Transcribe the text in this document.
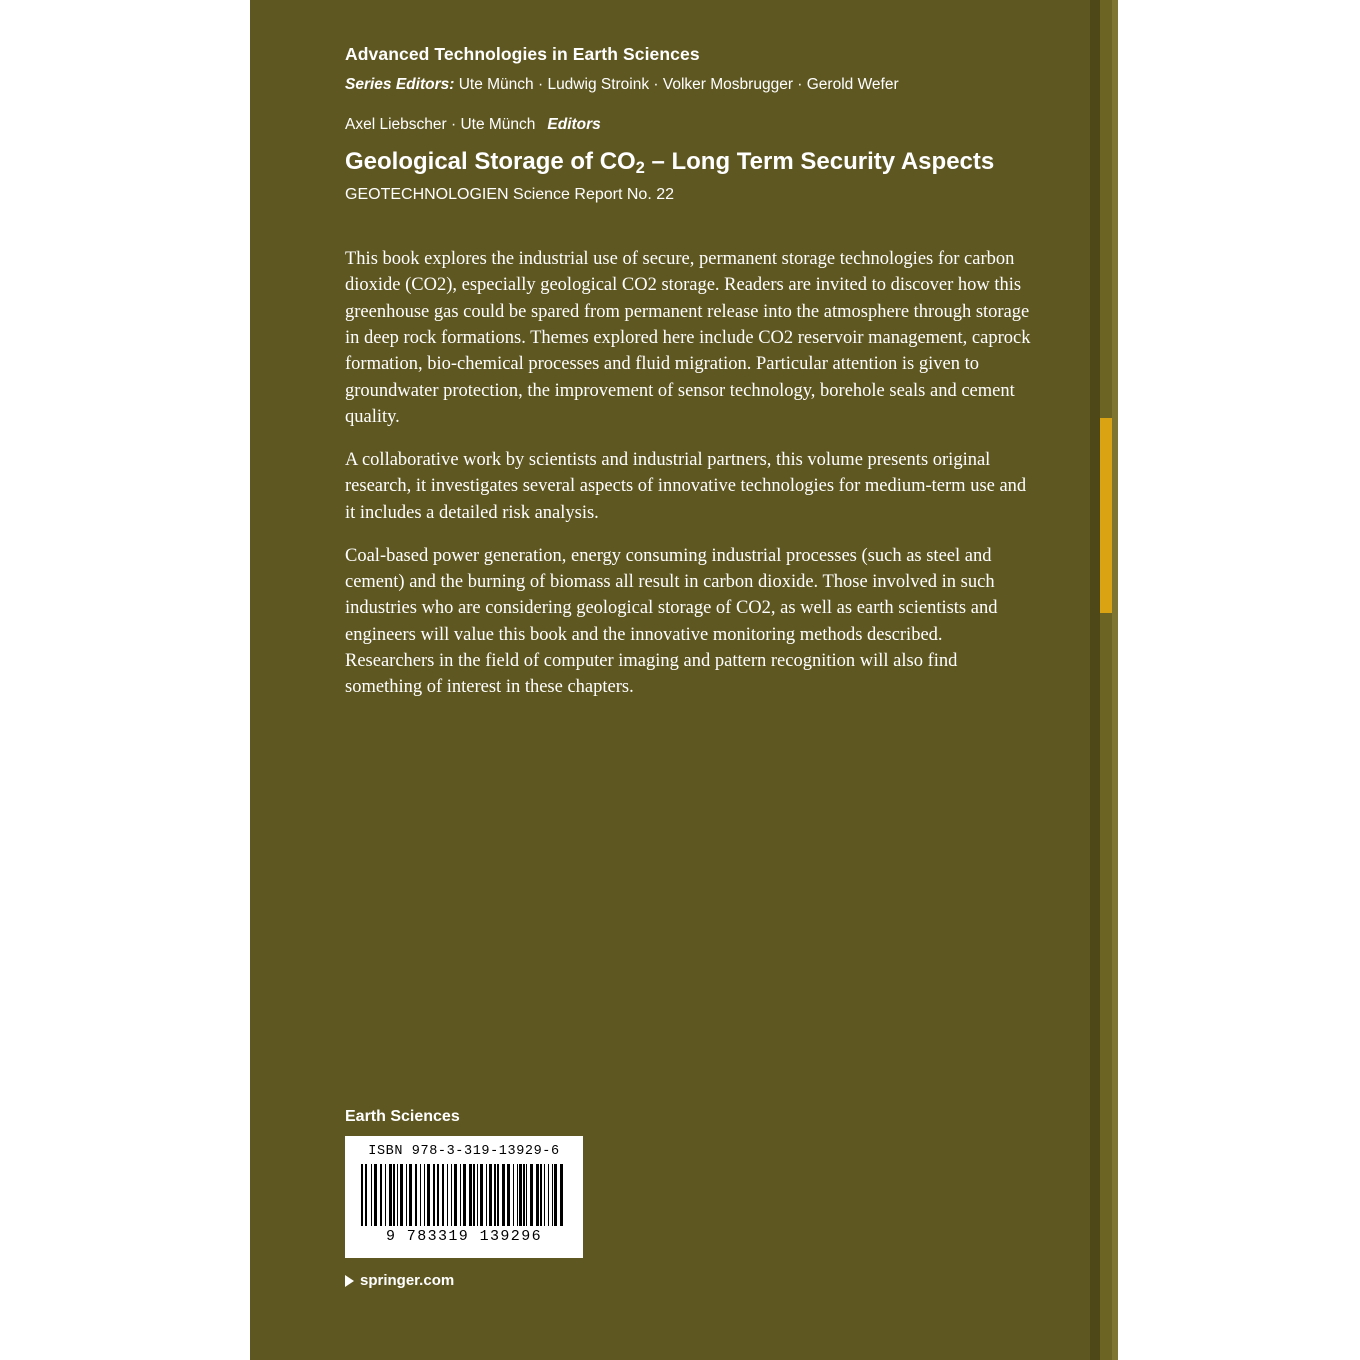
Advanced Technologies in Earth Sciences
Series Editors: Ute Münch · Ludwig Stroink · Volker Mosbrugger · Gerold Wefer
Axel Liebscher · Ute Münch Editors
Geological Storage of $CO_2$ – Long Term Security Aspects
GEOTECHNOLOGIEN Science Report No. 22

This book explores the industrial use of secure, permanent storage technologies for carbon dioxide (CO2), especially geological CO2 storage. Readers are invited to discover how this greenhouse gas could be spared from permanent release into the atmosphere through storage in deep rock formations. Themes explored here include CO2 reservoir management, caprock formation, bio-chemical processes and fluid migration. Particular attention is given to groundwater protection, the improvement of sensor technology, borehole seals and cement quality.

A collaborative work by scientists and industrial partners, this volume presents original research, it investigates several aspects of innovative technologies for medium-term use and it includes a detailed risk analysis.

Coal-based power generation, energy consuming industrial processes (such as steel and cement) and the burning of biomass all result in carbon dioxide. Those involved in such industries who are considering geological storage of CO2, as well as earth scientists and engineers will value this book and the innovative monitoring methods described. Researchers in the field of computer imaging and pattern recognition will also find something of interest in these chapters.

Earth Sciences
ISBN 978-3-319-13929-6
9 783319 139296
springer.com
